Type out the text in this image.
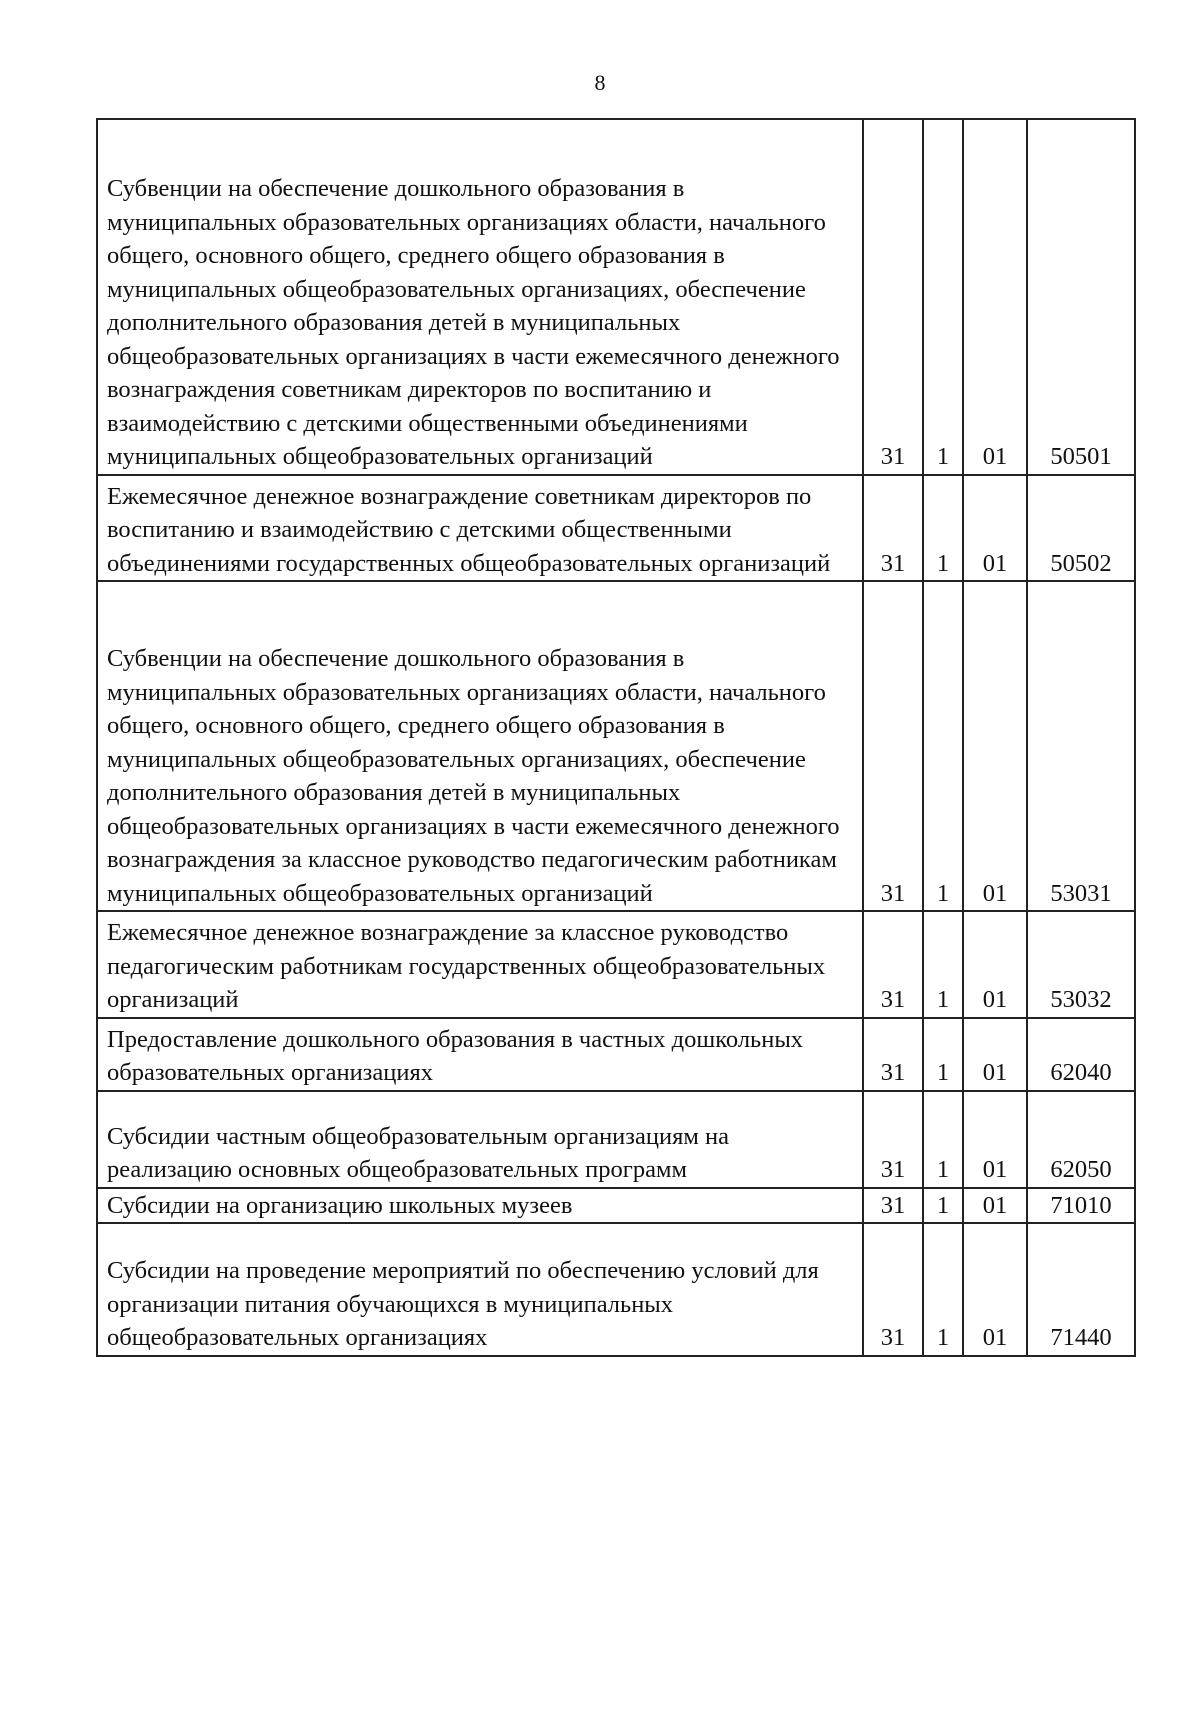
8
Субвенции на обеспечение дошкольного образования в муниципальных образовательных организациях области, начального общего, основного общего, среднего общего образования в муниципальных общеобразовательных организациях, обеспечение дополнительного образования детей в муниципальных общеобразовательных организациях в части ежемесячного денежного вознаграждения советникам директоров по воспитанию и взаимодействию с детскими общественными объединениями муниципальных общеобразовательных организаций	31	1	01	50501
Ежемесячное денежное вознаграждение советникам директоров по воспитанию и взаимодействию с детскими общественными объединениями государственных общеобразовательных организаций	31	1	01	50502
Субвенции на обеспечение дошкольного образования в муниципальных образовательных организациях области, начального общего, основного общего, среднего общего образования в муниципальных общеобразовательных организациях, обеспечение дополнительного образования детей в муниципальных общеобразовательных организациях в части ежемесячного денежного вознаграждения за классное руководство педагогическим работникам муниципальных общеобразовательных организаций	31	1	01	53031
Ежемесячное денежное вознаграждение за классное руководство педагогическим работникам государственных общеобразовательных организаций	31	1	01	53032
Предоставление дошкольного образования в частных дошкольных образовательных организациях	31	1	01	62040
Субсидии частным общеобразовательным организациям на реализацию основных общеобразовательных программ	31	1	01	62050
Субсидии на организацию школьных музеев	31	1	01	71010
Субсидии на проведение мероприятий по обеспечению условий для организации питания обучающихся в муниципальных общеобразовательных организациях	31	1	01	71440
